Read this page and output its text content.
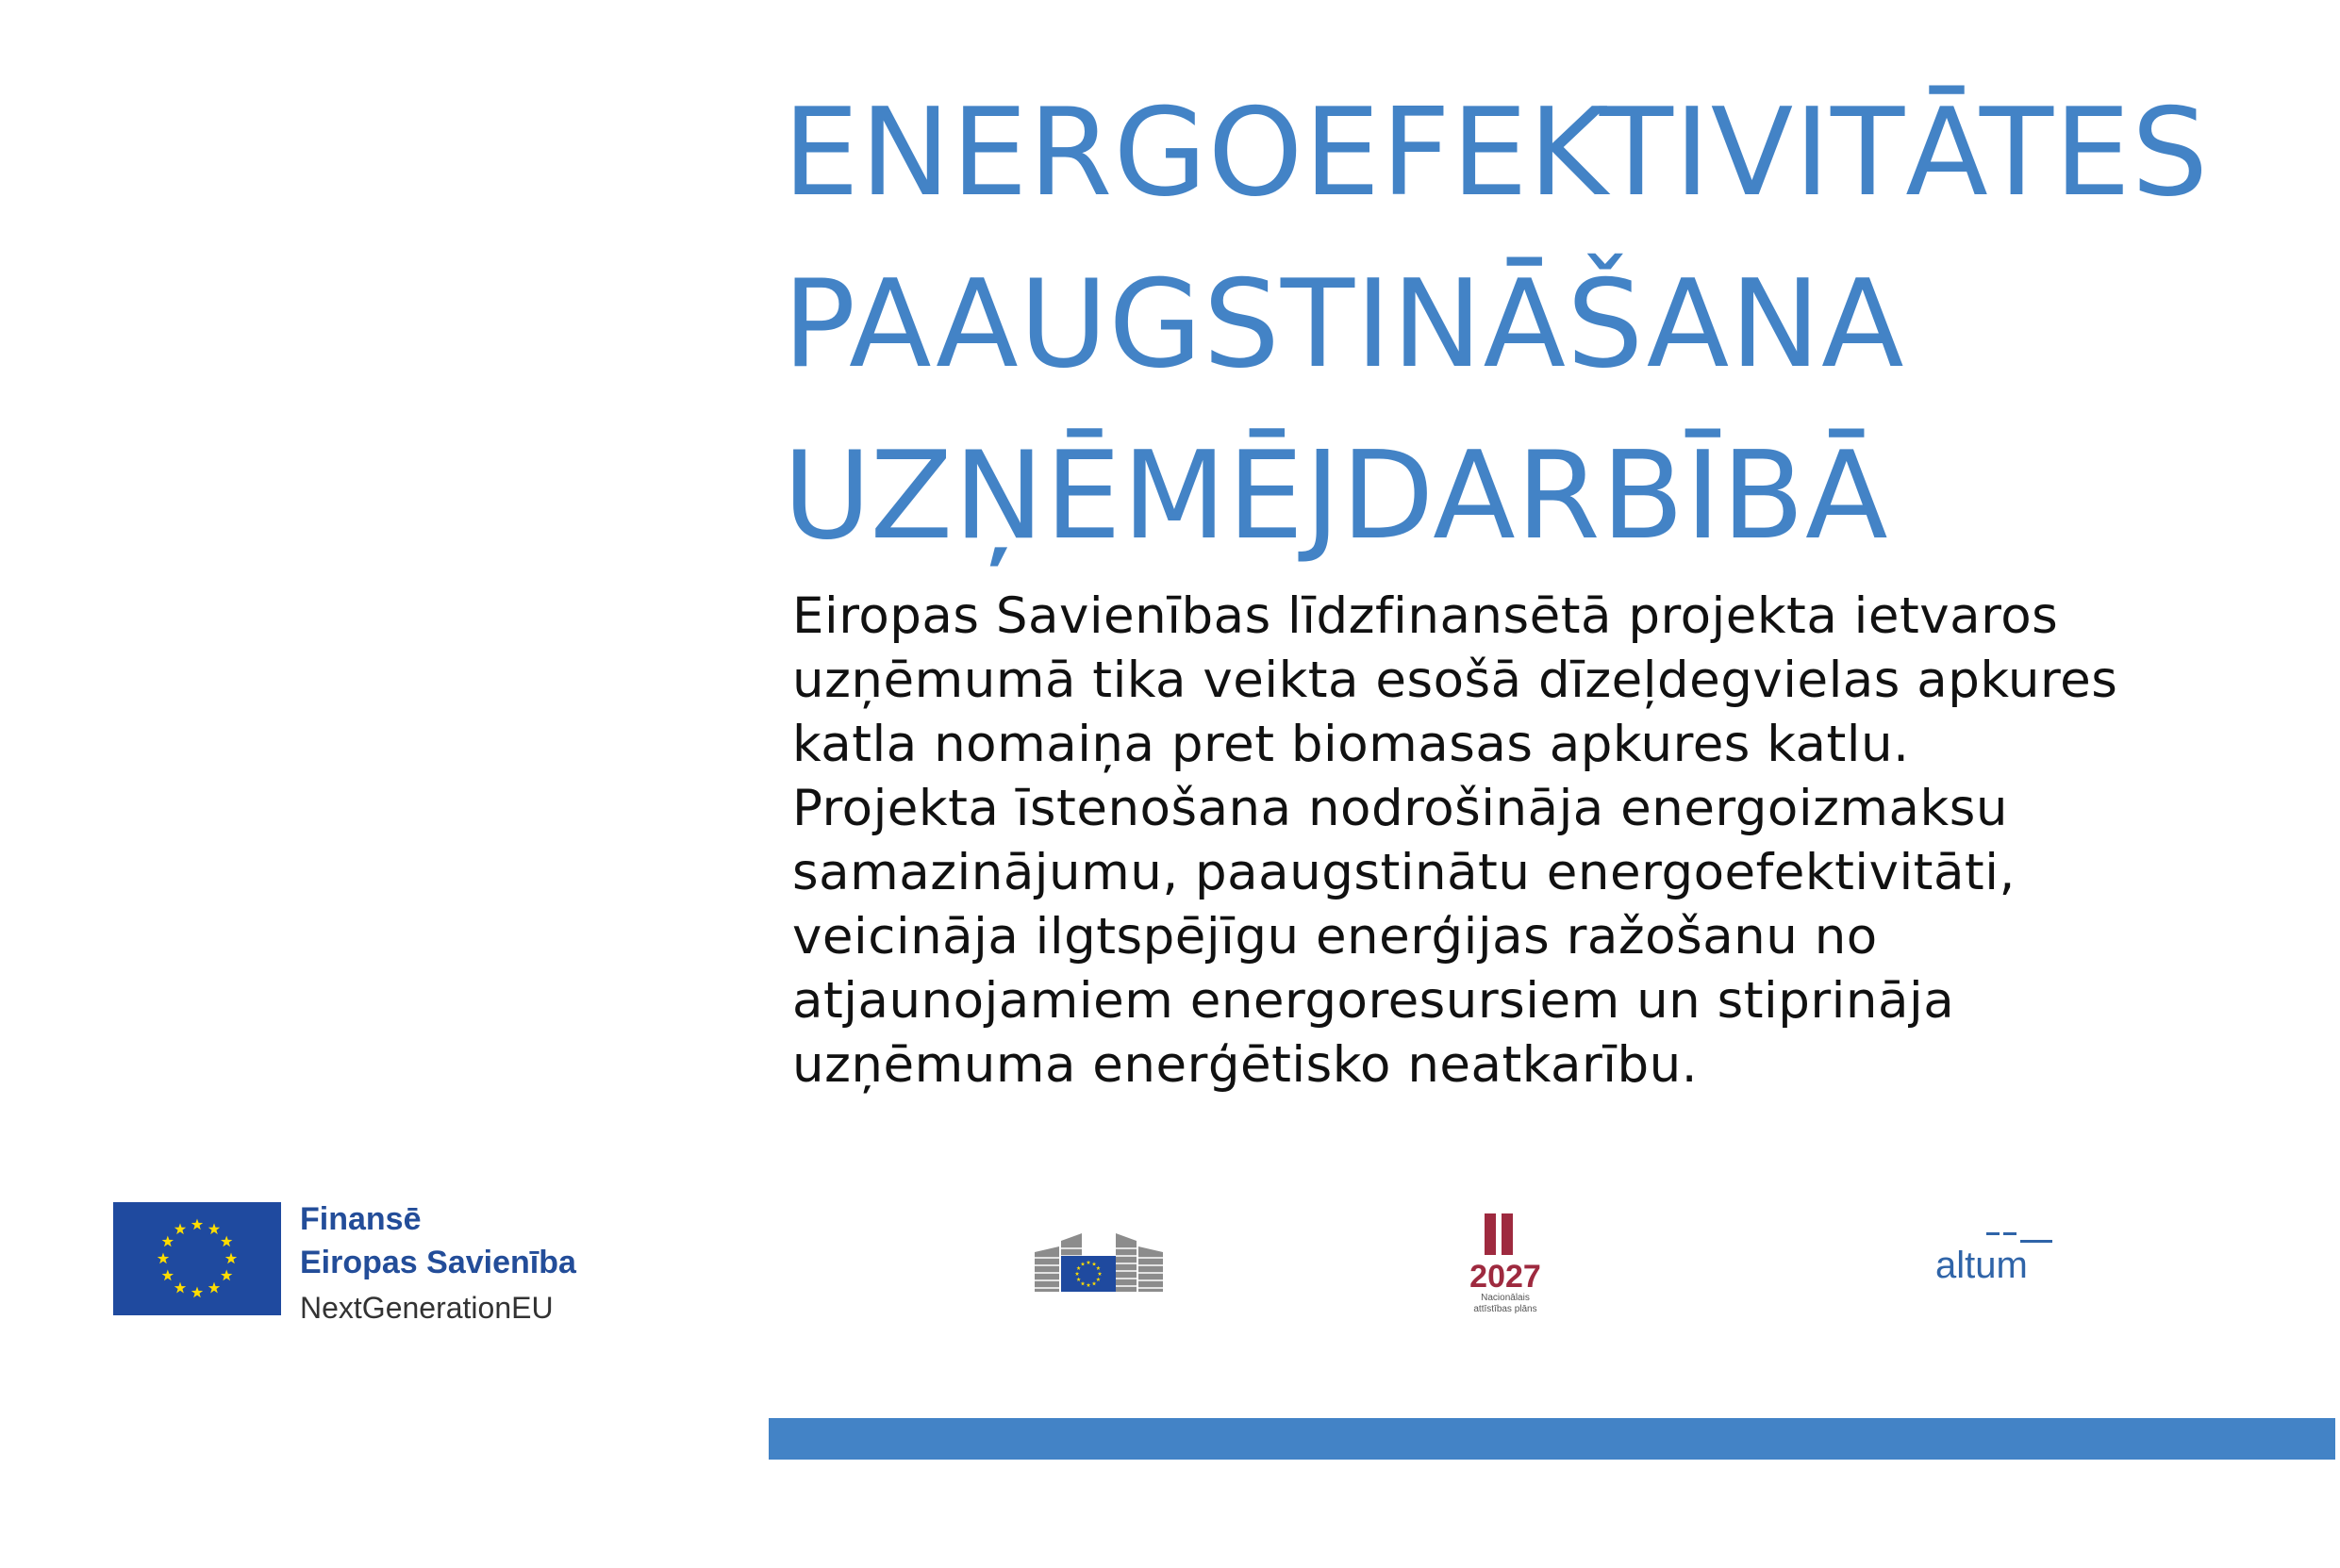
ENERGOEFEKTIVITĀTES
PAAUGSTINĀŠANA
UZŅĒMĒJDARBĪBĀ

Eiropas Savienības līdzfinansētā projekta ietvaros
uzņēmumā tika veikta esošā dīzeļdegvielas apkures
katla nomaiņa pret biomasas apkures katlu.
Projekta īstenošana nodrošināja energoizmaksu
samazinājumu, paaugstinātu energoefektivitāti,
veicināja ilgtspējīgu enerģijas ražošanu no
atjaunojamiem energoresursiem un stiprināja
uzņēmuma enerģētisko neatkarību.

Finansē
Eiropas Savienība
NextGenerationEU
2027
Nacionālais
attīstības plāns
altum
